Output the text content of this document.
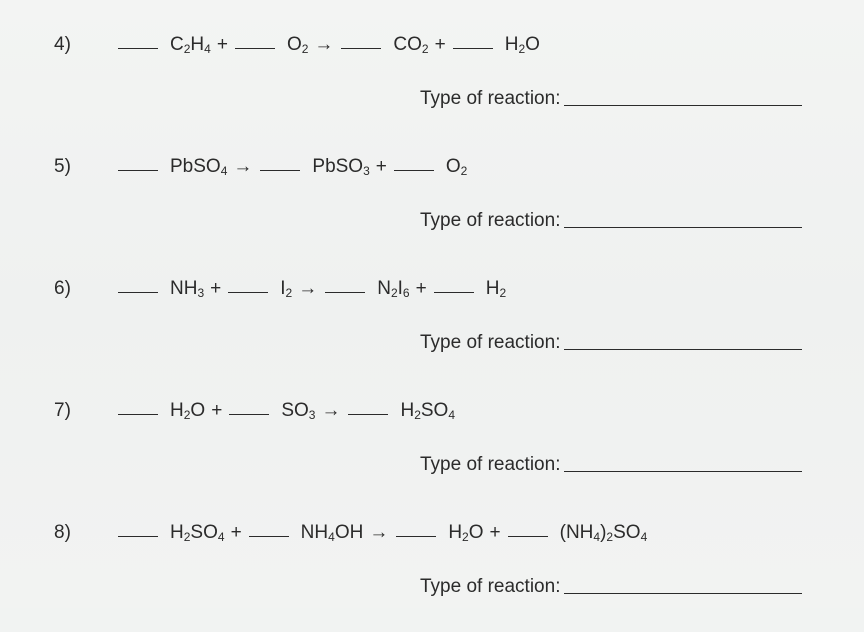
4)	$C_2H_4$ +	$O_2$ →	$CO_2$ +	$H_2O$
Type of reaction:
5)	PbSO$_4$ →	PbSO$_3$ +	$O_2$
Type of reaction:
6)	$NH_3$ +	$I_2$ →	$N_2I_6$ +	$H_2$
Type of reaction:
7)	$H_2O$ +	$SO_3$ →	$H_2SO_4$
Type of reaction:
8)	$H_2SO_4$ +	$NH_4OH$ →	$H_2O$ +	$(NH_4)_2SO_4$
Type of reaction:
